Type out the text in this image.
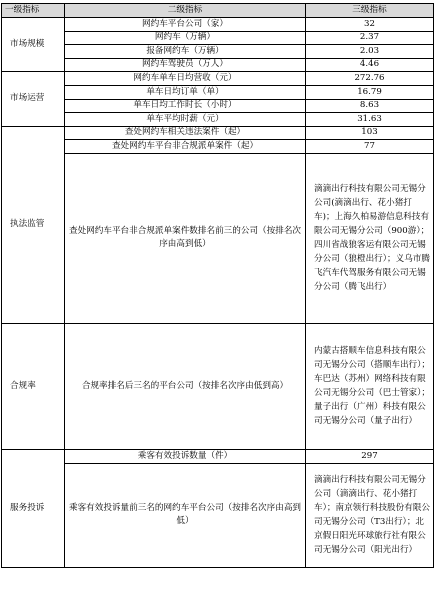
一级指标	二级指标	三级指标
市场规模	网约车平台公司（家）	32
	网约车（万辆）	2.37
	报备网约车（万辆）	2.03
	网约车驾驶员（万人）	4.46
市场运营	网约车单车日均营收（元）	272.76
	单车日均订单（单）	16.79
	单车日均工作时长（小时）	8.63
	单车平均时薪（元）	31.63
执法监管	查处网约车相关违法案件（起）	103
	查处网约车平台非合规派单案件（起）	77
	查处网约车平台非合规派单案件数排名前三的公司（按排名次序由高到低）	滴滴出行科技有限公司无锡分公司(滴滴出行、花小猪打车)；上海久柏易游信息科技有限公司无锡分公司（900游）；四川省战狼客运有限公司无锡分公司（狼橙出行）；义乌市腾飞汽车代驾服务有限公司无锡分公司（腾飞出行）
合规率	合规率排名后三名的平台公司（按排名次序由低到高）	内蒙古搭顺车信息科技有限公司无锡分公司（搭顺车出行）；车巴达（苏州）网络科技有限公司无锡分公司（巴士管家）；量子出行（广州）科技有限公司无锡分公司（量子出行）
服务投诉	乘客有效投诉数量（件）	297
	乘客有效投诉量前三名的网约车平台公司（按排名次序由高到低）	滴滴出行科技有限公司无锡分公司（滴滴出行、花小猪打车）；南京领行科技股份有限公司无锡分公司（T3出行）；北京假日阳光环球旅行社有限公司无锡分公司（阳光出行）
